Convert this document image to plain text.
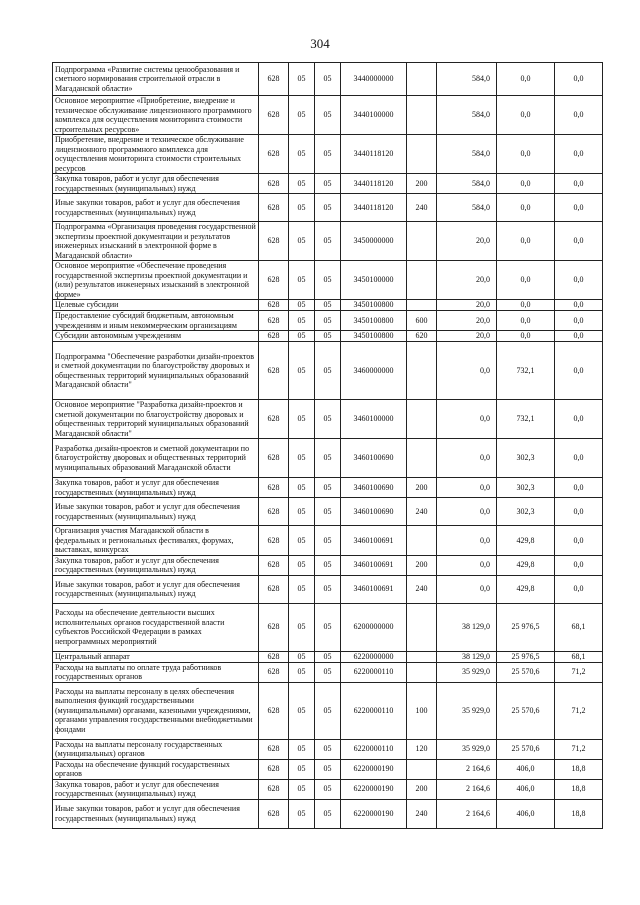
304
Подпрограмма «Развитие системы ценообразования и сметного нормирования строительной отрасли в Магаданской области»	628	05	05	3440000000		584,0	0,0	0,0
Основное мероприятие «Приобретение, внедрение и техническое обслуживание лицензионного программного комплекса для осуществления мониторинга стоимости строительных ресурсов»	628	05	05	3440100000		584,0	0,0	0,0
Приобретение, внедрение и техническое обслуживание лицензионного программного комплекса для осуществления мониторинга стоимости строительных ресурсов	628	05	05	3440118120		584,0	0,0	0,0
Закупка товаров, работ и услуг для обеспечения государственных (муниципальных) нужд	628	05	05	3440118120	200	584,0	0,0	0,0
Иные закупки товаров, работ и услуг для обеспечения государственных (муниципальных) нужд	628	05	05	3440118120	240	584,0	0,0	0,0
Подпрограмма «Организация проведения государственной экспертизы проектной документации и результатов инженерных изысканий в электронной форме в Магаданской области»	628	05	05	3450000000		20,0	0,0	0,0
Основное мероприятие «Обеспечение проведения государственной экспертизы проектной документации и (или) результатов инженерных изысканий в электронной форме»	628	05	05	3450100000		20,0	0,0	0,0
Целевые субсидии	628	05	05	3450100800		20,0	0,0	0,0
Предоставление субсидий бюджетным, автономным учреждениям и иным некоммерческим организациям	628	05	05	3450100800	600	20,0	0,0	0,0
Субсидии автономным учреждениям	628	05	05	3450100800	620	20,0	0,0	0,0
Подпрограмма "Обеспечение разработки дизайн-проектов и сметной документации по благоустройству дворовых и общественных территорий муниципальных образований Магаданской области"	628	05	05	3460000000		0,0	732,1	0,0
Основное мероприятие "Разработка дизайн-проектов и сметной документации по благоустройству дворовых и общественных территорий муниципальных образований Магаданской области"	628	05	05	3460100000		0,0	732,1	0,0
Разработка дизайн-проектов и сметной документации по благоустройству дворовых и общественных территорий муниципальных образований Магаданской области	628	05	05	3460100690		0,0	302,3	0,0
Закупка товаров, работ и услуг для обеспечения государственных (муниципальных) нужд	628	05	05	3460100690	200	0,0	302,3	0,0
Иные закупки товаров, работ и услуг для обеспечения государственных (муниципальных) нужд	628	05	05	3460100690	240	0,0	302,3	0,0
Организация участия Магаданской области в федеральных и региональных фестивалях, форумах, выставках, конкурсах	628	05	05	3460100691		0,0	429,8	0,0
Закупка товаров, работ и услуг для обеспечения государственных (муниципальных) нужд	628	05	05	3460100691	200	0,0	429,8	0,0
Иные закупки товаров, работ и услуг для обеспечения государственных (муниципальных) нужд	628	05	05	3460100691	240	0,0	429,8	0,0
Расходы на обеспечение деятельности высших исполнительных органов государственной власти субъектов Российской Федерации в рамках непрограммных мероприятий	628	05	05	6200000000		38 129,0	25 976,5	68,1
Центральный аппарат	628	05	05	6220000000		38 129,0	25 976,5	68,1
Расходы на выплаты по оплате труда работников государственных органов	628	05	05	6220000110		35 929,0	25 570,6	71,2
Расходы на выплаты персоналу в целях обеспечения выполнения функций государственными (муниципальными) органами, казенными учреждениями, органами управления государственными внебюджетными фондами	628	05	05	6220000110	100	35 929,0	25 570,6	71,2
Расходы на выплаты персоналу государственных (муниципальных) органов	628	05	05	6220000110	120	35 929,0	25 570,6	71,2
Расходы на обеспечение функций государственных органов	628	05	05	6220000190		2 164,6	406,0	18,8
Закупка товаров, работ и услуг для обеспечения государственных (муниципальных) нужд	628	05	05	6220000190	200	2 164,6	406,0	18,8
Иные закупки товаров, работ и услуг для обеспечения государственных (муниципальных) нужд	628	05	05	6220000190	240	2 164,6	406,0	18,8
